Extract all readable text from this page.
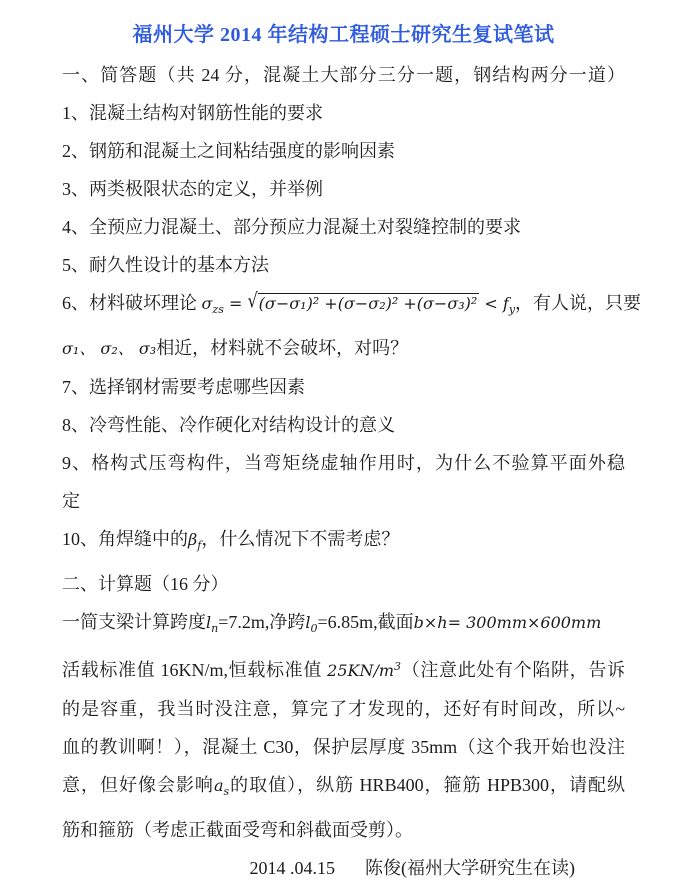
福州大学 2014 年结构工程硕士研究生复试笔试

一、简答题（共 24 分，混凝土大部分三分一题，钢结构两分一道）

1、混凝土结构对钢筋性能的要求

2、钢筋和混凝土之间粘结强度的影响因素

3、两类极限状态的定义，并举例

4、全预应力混凝土、部分预应力混凝土对裂缝控制的要求

5、耐久性设计的基本方法

6、材料破坏理论 $\sigma_{zs} = √(\sigma-\sigma_1)^2 +(\sigma-\sigma_2)^2 +(\sigma-\sigma_3)^2 < f_y$，有人说，只要

σ₁、 σ₂、 σ₃相近，材料就不会破坏，对吗？

7、选择钢材需要考虑哪些因素

8、冷弯性能、冷作硬化对结构设计的意义

9、格构式压弯构件，当弯矩绕虚轴作用时，为什么不验算平面外稳

定

10、角焊缝中的$\beta_f$，什么情况下不需考虑？

二、计算题（16 分）

一简支梁计算跨度$l_n=7.2m$,净跨$l_0=6.85m$,截面b×h= 300mm×600mm

活载标准值 16KN/m,恒载标准值 $25KN/m^3$（注意此处有个陷阱，告诉

的是容重，我当时没注意，算完了才发现的，还好有时间改，所以~

血的教训啊！），混凝土 C30，保护层厚度 35mm（这个我开始也没注

意，但好像会影响$a_s$的取值），纵筋 HRB400，箍筋 HPB300，请配纵

筋和箍筋（考虑正截面受弯和斜截面受剪）。

2014 .04.15 陈俊(福州大学研究生在读)
